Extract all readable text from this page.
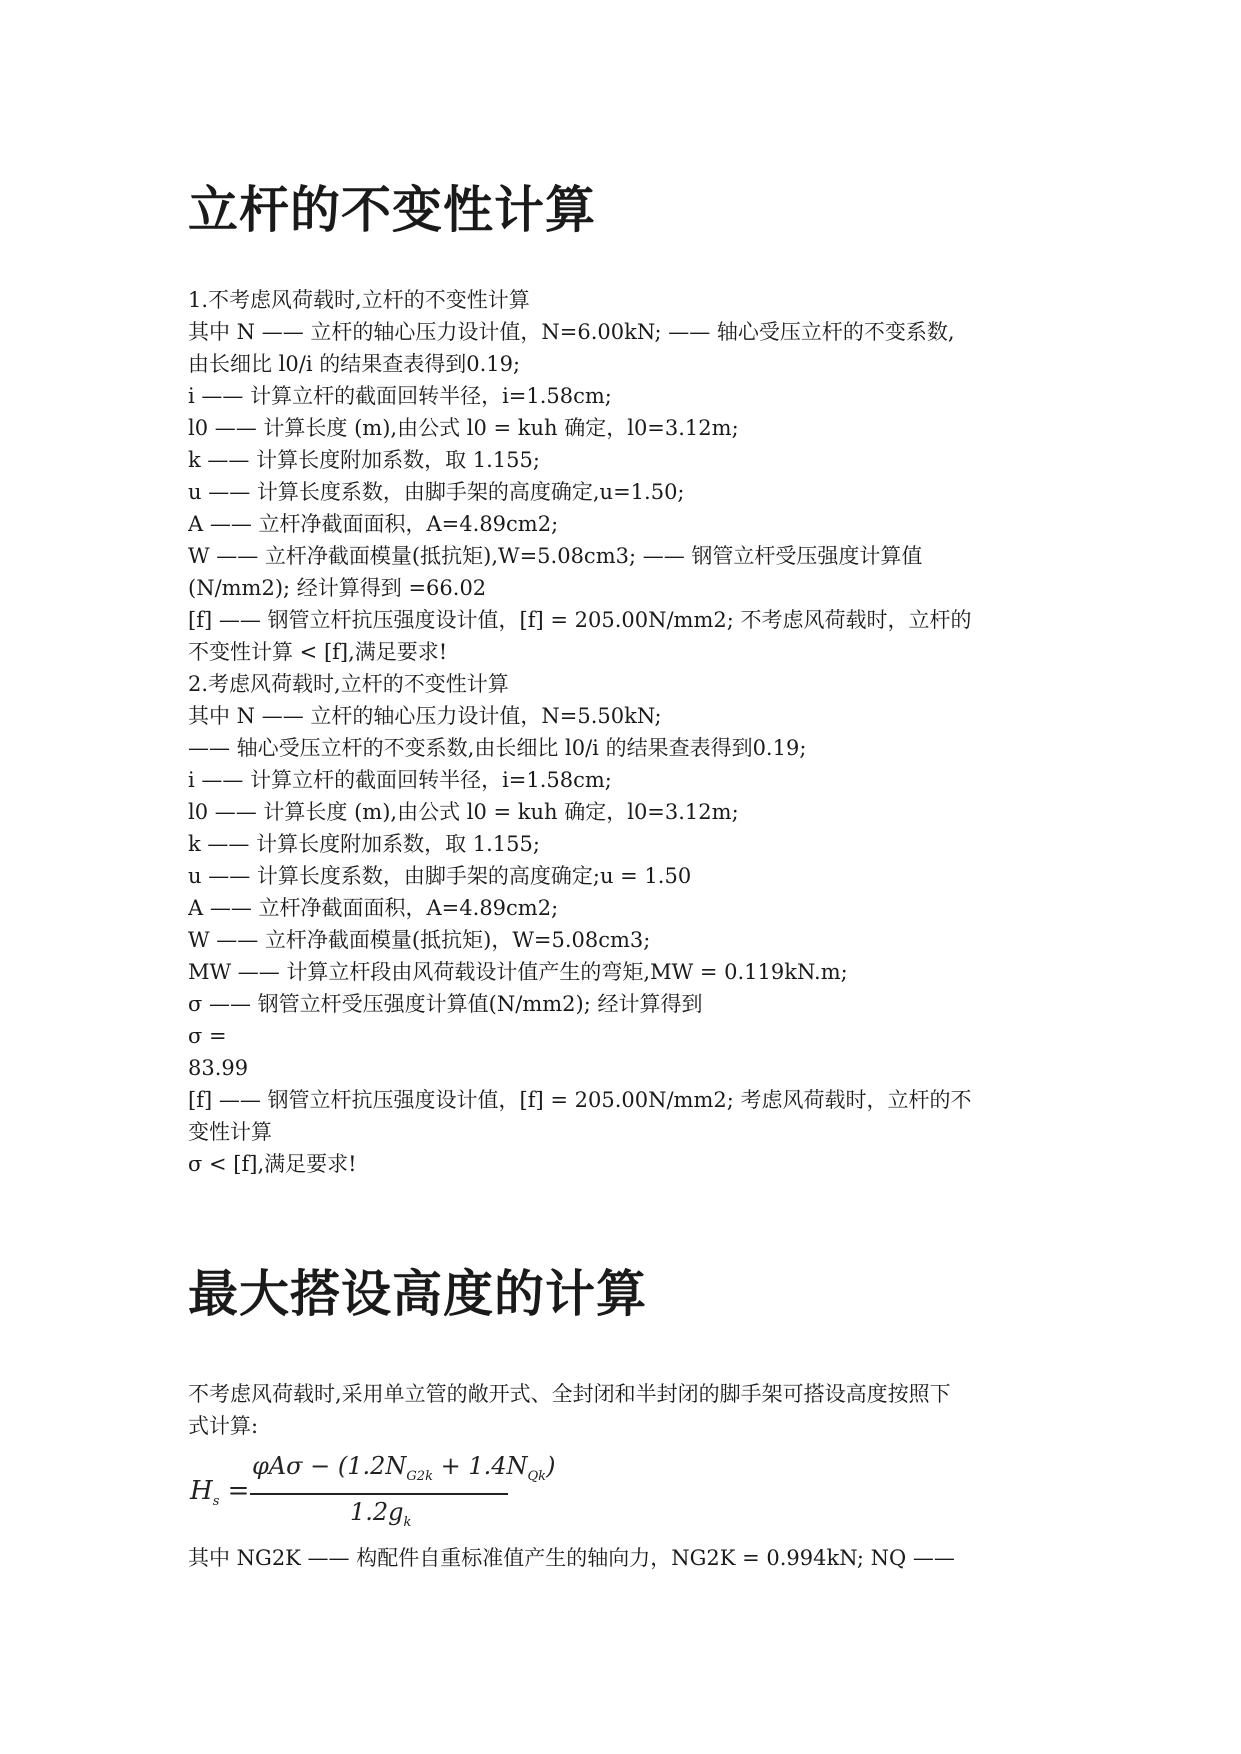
立杆的不变性计算
1.不考虑风荷载时,立杆的不变性计算
其中 N —— 立杆的轴心压力设计值，N=6.00kN; —— 轴心受压立杆的不变系数,
由长细比 l0/i 的结果查表得到0.19;
i —— 计算立杆的截面回转半径，i=1.58cm;
l0 —— 计算长度 (m),由公式 l0 = kuh 确定，l0=3.12m;
k —— 计算长度附加系数，取 1.155;
u —— 计算长度系数，由脚手架的高度确定,u=1.50;
A —— 立杆净截面面积，A=4.89cm2;
W —— 立杆净截面模量(抵抗矩),W=5.08cm3; —— 钢管立杆受压强度计算值
(N/mm2); 经计算得到 =66.02
[f] —— 钢管立杆抗压强度设计值，[f] = 205.00N/mm2; 不考虑风荷载时，立杆的
不变性计算 < [f],满足要求!
2.考虑风荷载时,立杆的不变性计算
其中 N —— 立杆的轴心压力设计值，N=5.50kN;
—— 轴心受压立杆的不变系数,由长细比 l0/i 的结果查表得到0.19;
i —— 计算立杆的截面回转半径，i=1.58cm;
l0 —— 计算长度 (m),由公式 l0 = kuh 确定，l0=3.12m;
k —— 计算长度附加系数，取 1.155;
u —— 计算长度系数，由脚手架的高度确定;u = 1.50
A —— 立杆净截面面积，A=4.89cm2;
W —— 立杆净截面模量(抵抗矩)，W=5.08cm3;
MW —— 计算立杆段由风荷载设计值产生的弯矩,MW = 0.119kN.m;
σ —— 钢管立杆受压强度计算值(N/mm2); 经计算得到
σ =
83.99
[f] —— 钢管立杆抗压强度设计值，[f] = 205.00N/mm2; 考虑风荷载时，立杆的不
变性计算
σ < [f],满足要求!
最大搭设高度的计算
不考虑风荷载时,采用单立管的敞开式、全封闭和半封闭的脚手架可搭设高度按照下
式计算:
$H_s$ =
$\varphi A\sigma - (1.2N_{G2k} + 1.4N_{Qk})$
$1.2g_k$
其中 NG2K —— 构配件自重标准值产生的轴向力，NG2K = 0.994kN; NQ ——
